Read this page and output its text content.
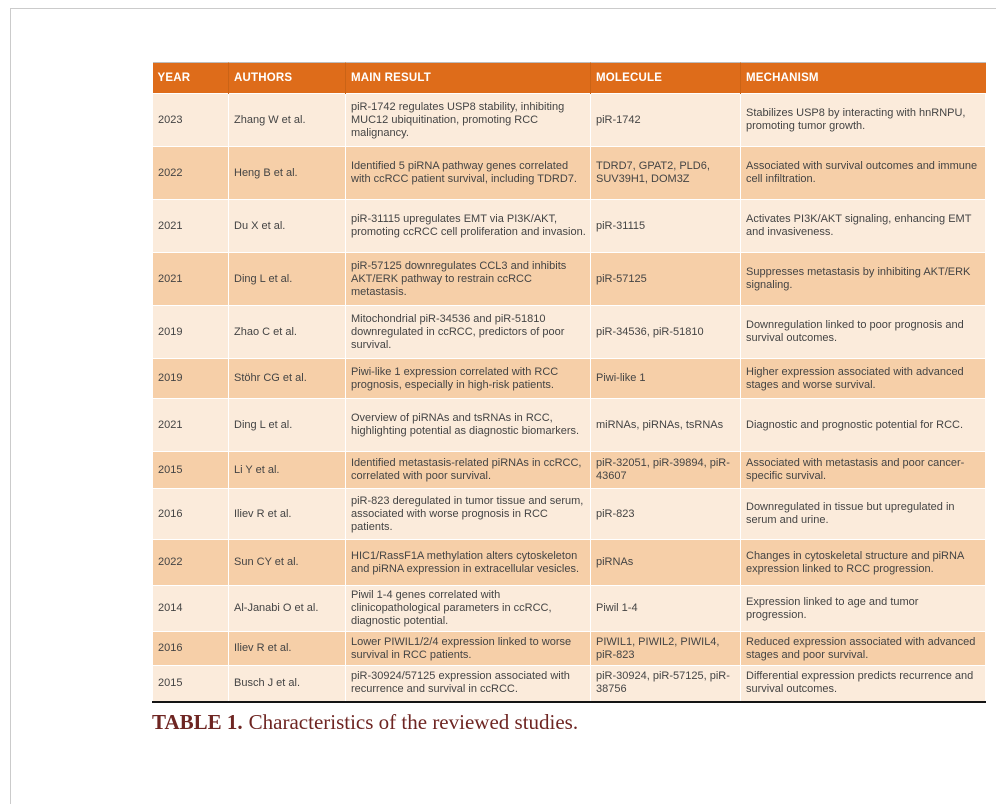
YEAR	AUTHORS	MAIN RESULT	MOLECULE	MECHANISM
2023	Zhang W et al.	piR-1742 regulates USP8 stability, inhibiting MUC12 ubiquitination, promoting RCC malignancy.	piR-1742	Stabilizes USP8 by interacting with hnRNPU, promoting tumor growth.
2022	Heng B et al.	Identified 5 piRNA pathway genes correlated with ccRCC patient survival, including TDRD7.	TDRD7, GPAT2, PLD6, SUV39H1, DOM3Z	Associated with survival outcomes and immune cell infiltration.
2021	Du X et al.	piR-31115 upregulates EMT via PI3K/AKT, promoting ccRCC cell proliferation and invasion.	piR-31115	Activates PI3K/AKT signaling, enhancing EMT and invasiveness.
2021	Ding L et al.	piR-57125 downregulates CCL3 and inhibits AKT/ERK pathway to restrain ccRCC metastasis.	piR-57125	Suppresses metastasis by inhibiting AKT/ERK signaling.
2019	Zhao C et al.	Mitochondrial piR-34536 and piR-51810 downregulated in ccRCC, predictors of poor survival.	piR-34536, piR-51810	Downregulation linked to poor prognosis and survival outcomes.
2019	Stöhr CG et al.	Piwi-like 1 expression correlated with RCC prognosis, especially in high-risk patients.	Piwi-like 1	Higher expression associated with advanced stages and worse survival.
2021	Ding L et al.	Overview of piRNAs and tsRNAs in RCC, highlighting potential as diagnostic biomarkers.	miRNAs, piRNAs, tsRNAs	Diagnostic and prognostic potential for RCC.
2015	Li Y et al.	Identified metastasis-related piRNAs in ccRCC, correlated with poor survival.	piR-32051, piR-39894, piR-43607	Associated with metastasis and poor cancer-specific survival.
2016	Iliev R et al.	piR-823 deregulated in tumor tissue and serum, associated with worse prognosis in RCC patients.	piR-823	Downregulated in tissue but upregulated in serum and urine.
2022	Sun CY et al.	HIC1/RassF1A methylation alters cytoskeleton and piRNA expression in extracellular vesicles.	piRNAs	Changes in cytoskeletal structure and piRNA expression linked to RCC progression.
2014	Al-Janabi O et al.	Piwil 1-4 genes correlated with clinicopathological parameters in ccRCC, diagnostic potential.	Piwil 1-4	Expression linked to age and tumor progression.
2016	Iliev R et al.	Lower PIWIL1/2/4 expression linked to worse survival in RCC patients.	PIWIL1, PIWIL2, PIWIL4, piR-823	Reduced expression associated with advanced stages and poor survival.
2015	Busch J et al.	piR-30924/57125 expression associated with recurrence and survival in ccRCC.	piR-30924, piR-57125, piR-38756	Differential expression predicts recurrence and survival outcomes.
TABLE 1. Characteristics of the reviewed studies.
